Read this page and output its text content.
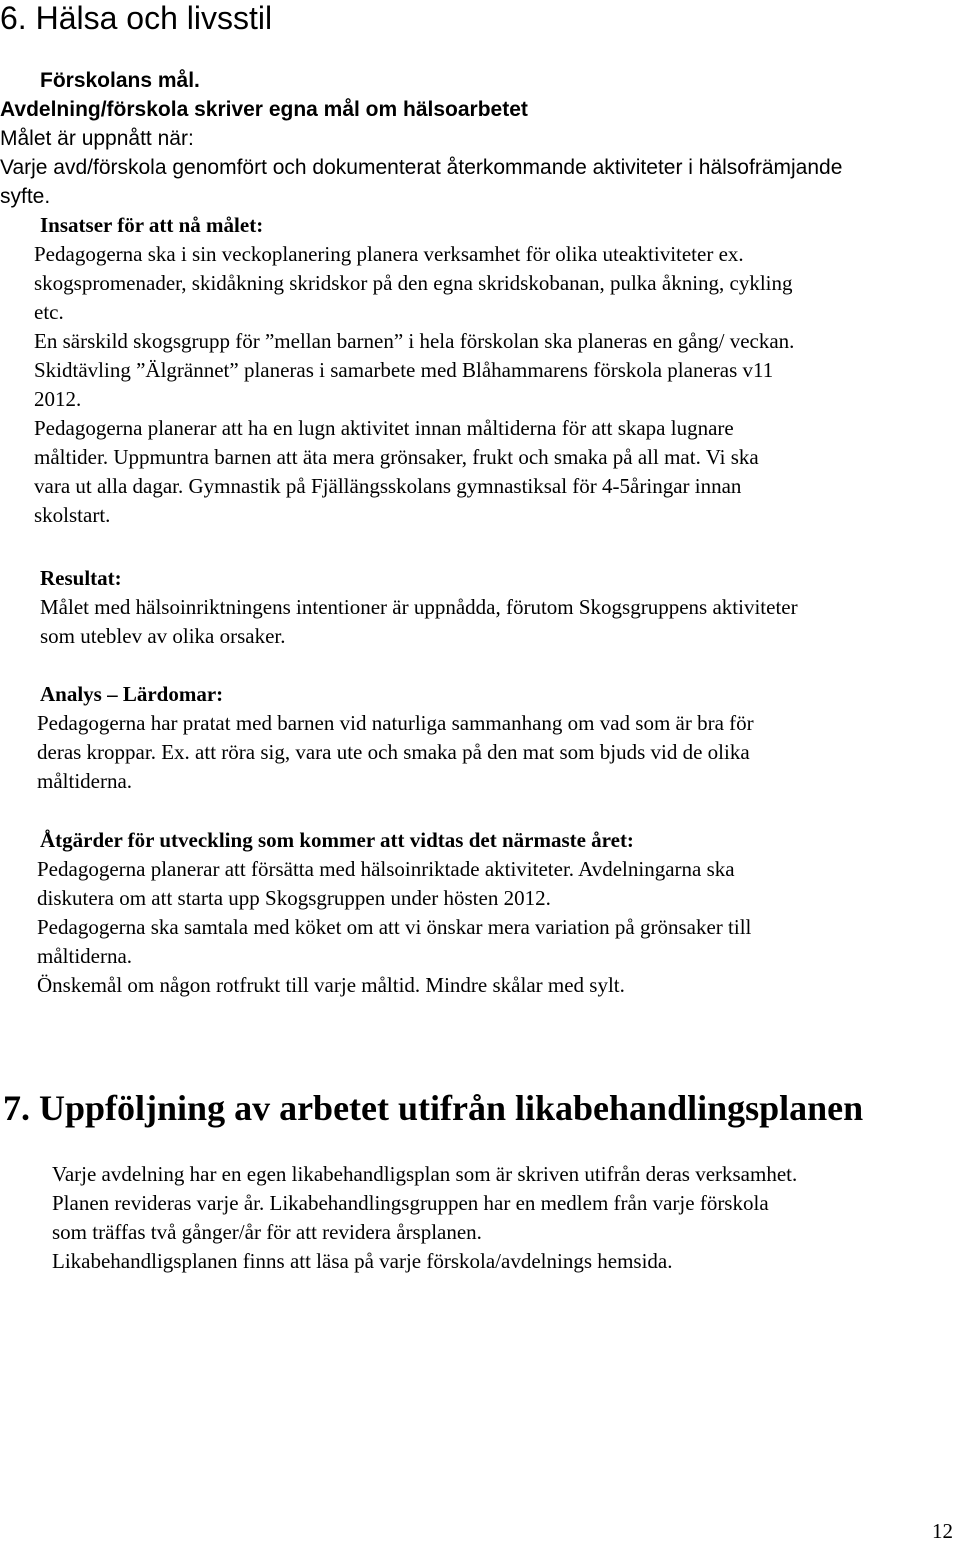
6. Hälsa och livsstil
Förskolans mål.
Avdelning/förskola skriver egna mål om hälsoarbetet
Målet är uppnått när:
Varje avd/förskola genomfört och dokumenterat återkommande aktiviteter i hälsofrämjande
syfte.
Insatser för att nå målet:
Pedagogerna ska i sin veckoplanering planera verksamhet för olika uteaktiviteter ex.
skogspromenader, skidåkning skridskor på den egna skridskobanan, pulka åkning, cykling
etc.
En särskild skogsgrupp för ”mellan barnen” i hela förskolan ska planeras en gång/ veckan.
Skidtävling ”Älgrännet” planeras i samarbete med Blåhammarens förskola planeras v11
2012.
Pedagogerna planerar att ha en lugn aktivitet innan måltiderna för att skapa lugnare
måltider. Uppmuntra barnen att äta mera grönsaker, frukt och smaka på all mat. Vi ska
vara ut alla dagar. Gymnastik på Fjällängsskolans gymnastiksal för 4-5åringar innan
skolstart.
Resultat:
Målet med hälsoinriktningens intentioner är uppnådda, förutom Skogsgruppens aktiviteter
som uteblev av olika orsaker.
Analys – Lärdomar:
Pedagogerna har pratat med barnen vid naturliga sammanhang om vad som är bra för
deras kroppar. Ex. att röra sig, vara ute och smaka på den mat som bjuds vid de olika
måltiderna.
Åtgärder för utveckling som kommer att vidtas det närmaste året:
Pedagogerna planerar att försätta med hälsoinriktade aktiviteter. Avdelningarna ska
diskutera om att starta upp Skogsgruppen under hösten 2012.
Pedagogerna ska samtala med köket om att vi önskar mera variation på grönsaker till
måltiderna.
Önskemål om någon rotfrukt till varje måltid. Mindre skålar med sylt.
7. Uppföljning av arbetet utifrån likabehandlingsplanen
Varje avdelning har en egen likabehandligsplan som är skriven utifrån deras verksamhet.
Planen revideras varje år. Likabehandlingsgruppen har en medlem från varje förskola
som träffas två gånger/år för att revidera årsplanen.
Likabehandligsplanen finns att läsa på varje förskola/avdelnings hemsida.
12
